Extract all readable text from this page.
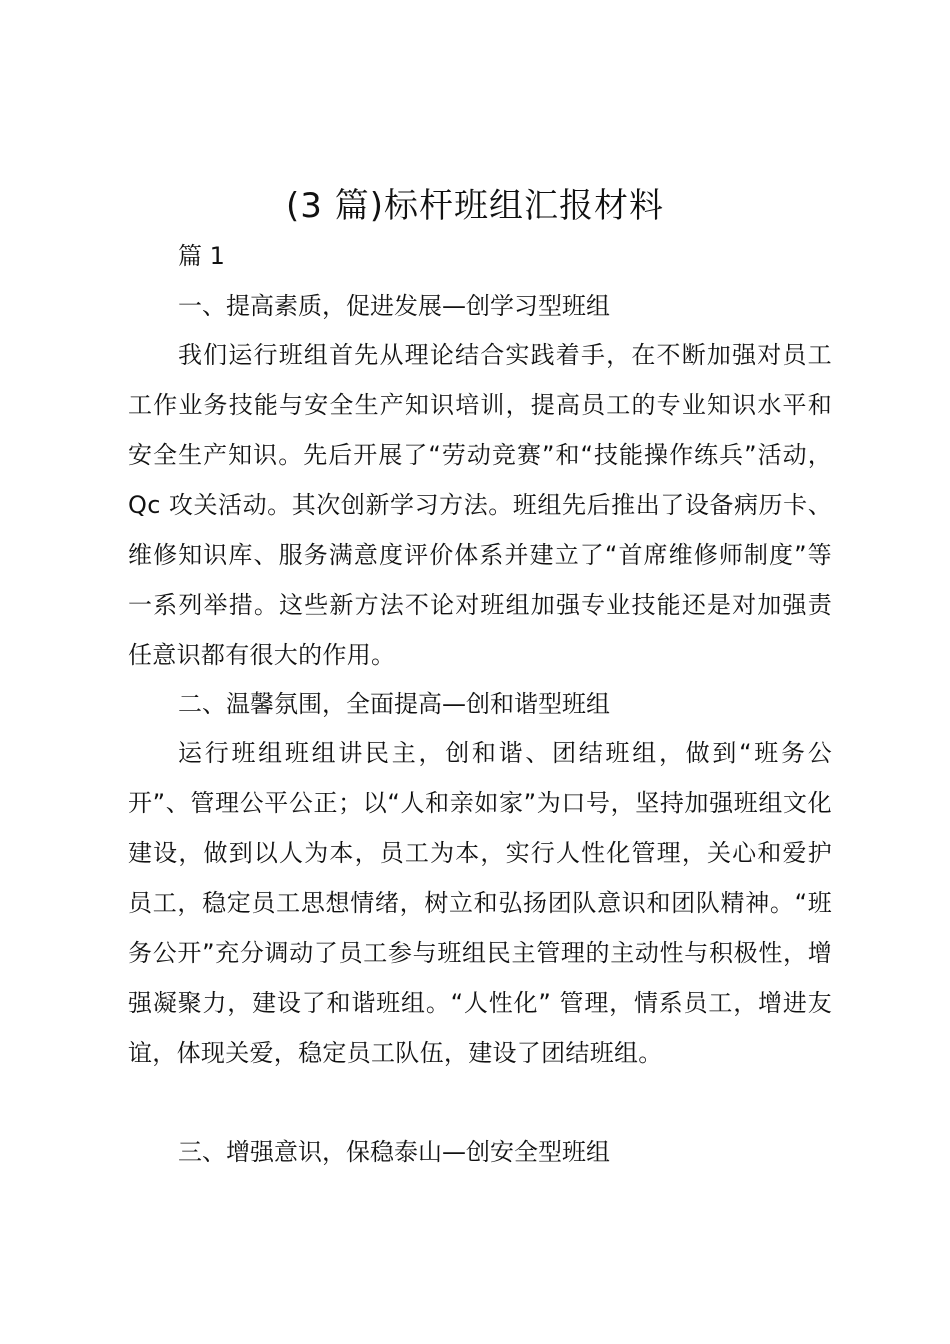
(3 篇)标杆班组汇报材料
篇 1
一、提高素质，促进发展—创学习型班组
我们运行班组首先从理论结合实践着手，在不断加强对员工工作业务技能与安全生产知识培训，提高员工的专业知识水平和安全生产知识。先后开展了“劳动竞赛”和“技能操作练兵”活动，Qc 攻关活动。其次创新学习方法。班组先后推出了设备病历卡、维修知识库、服务满意度评价体系并建立了“首席维修师制度”等一系列举措。这些新方法不论对班组加强专业技能还是对加强责任意识都有很大的作用。
二、温馨氛围，全面提高—创和谐型班组
运行班组班组讲民主，创和谐、团结班组，做到“班务公开”、管理公平公正；以“人和亲如家”为口号，坚持加强班组文化建设，做到以人为本，员工为本，实行人性化管理，关心和爱护员工，稳定员工思想情绪，树立和弘扬团队意识和团队精神。“班务公开”充分调动了员工参与班组民主管理的主动性与积极性，增强凝聚力，建设了和谐班组。“人性化” 管理，情系员工，增进友谊，体现关爱，稳定员工队伍，建设了团结班组。
三、增强意识，保稳泰山—创安全型班组
